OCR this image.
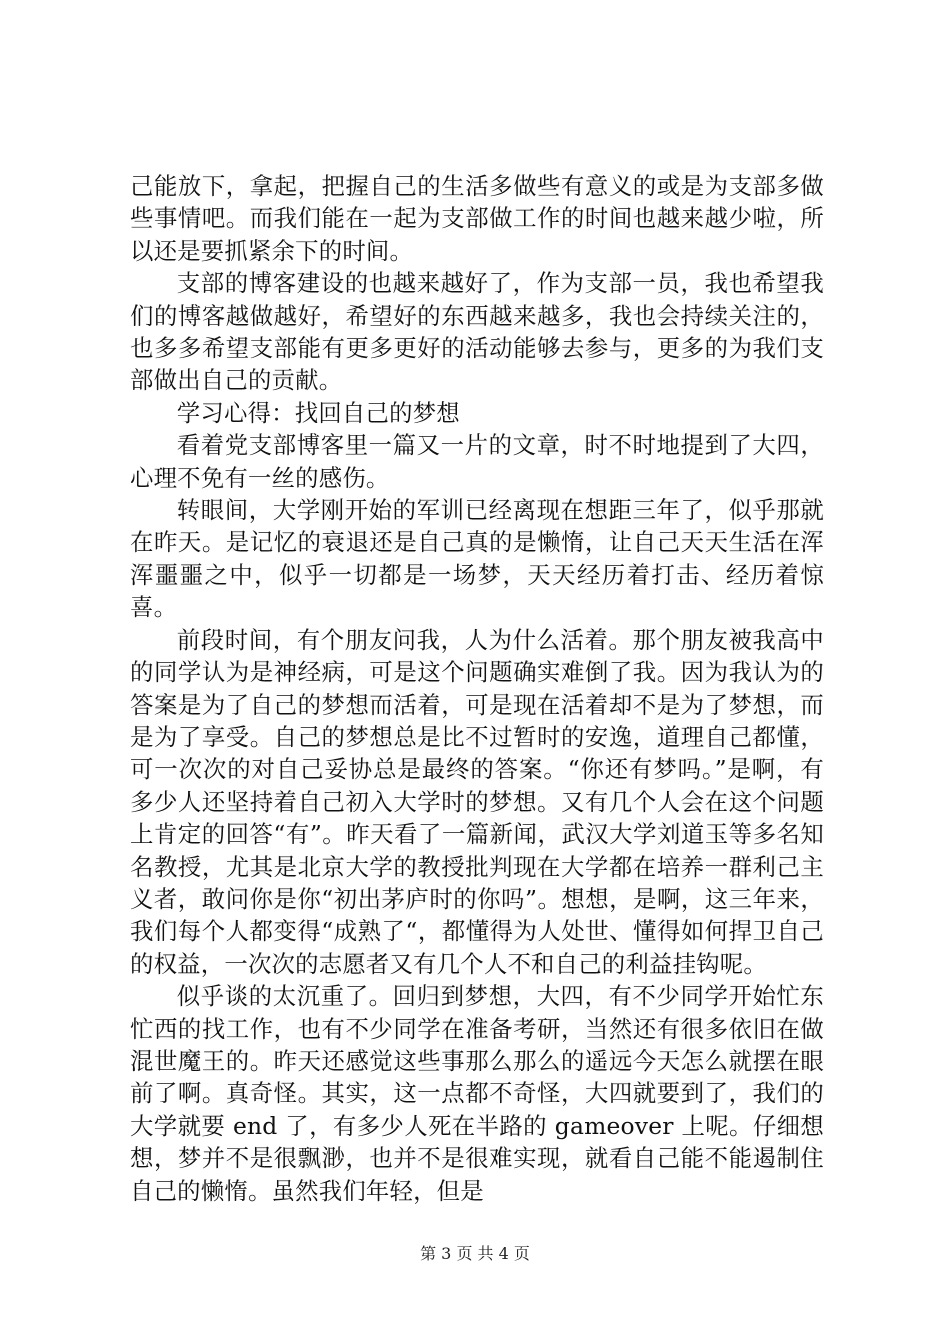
己能放下，拿起，把握自己的生活多做些有意义的或是为支部多做些事情吧。而我们能在一起为支部做工作的时间也越来越少啦，所以还是要抓紧余下的时间。

支部的博客建设的也越来越好了，作为支部一员，我也希望我们的博客越做越好，希望好的东西越来越多，我也会持续关注的，也多多希望支部能有更多更好的活动能够去参与，更多的为我们支部做出自己的贡献。

学习心得：找回自己的梦想

看着党支部博客里一篇又一片的文章，时不时地提到了大四，心理不免有一丝的感伤。

转眼间，大学刚开始的军训已经离现在想距三年了，似乎那就在昨天。是记忆的衰退还是自己真的是懒惰，让自己天天生活在浑浑噩噩之中，似乎一切都是一场梦，天天经历着打击、经历着惊喜。

前段时间，有个朋友问我，人为什么活着。那个朋友被我高中的同学认为是神经病，可是这个问题确实难倒了我。因为我认为的答案是为了自己的梦想而活着，可是现在活着却不是为了梦想，而是为了享受。自己的梦想总是比不过暂时的安逸，道理自己都懂，可一次次的对自己妥协总是最终的答案。“你还有梦吗。”是啊，有多少人还坚持着自己初入大学时的梦想。又有几个人会在这个问题上肯定的回答“有”。昨天看了一篇新闻，武汉大学刘道玉等多名知名教授，尤其是北京大学的教授批判现在大学都在培养一群利己主义者，敢问你是你“初出茅庐时的你吗”。想想，是啊，这三年来，我们每个人都变得“成熟了“，都懂得为人处世、懂得如何捍卫自己的权益，一次次的志愿者又有几个人不和自己的利益挂钩呢。

似乎谈的太沉重了。回归到梦想，大四，有不少同学开始忙东忙西的找工作，也有不少同学在准备考研，当然还有很多依旧在做混世魔王的。昨天还感觉这些事那么那么的遥远今天怎么就摆在眼前了啊。真奇怪。其实，这一点都不奇怪，大四就要到了，我们的大学就要 end 了，有多少人死在半路的 gameover 上呢。仔细想想，梦并不是很飘渺，也并不是很难实现，就看自己能不能遏制住自己的懒惰。虽然我们年轻，但是

第 3 页 共 4 页
